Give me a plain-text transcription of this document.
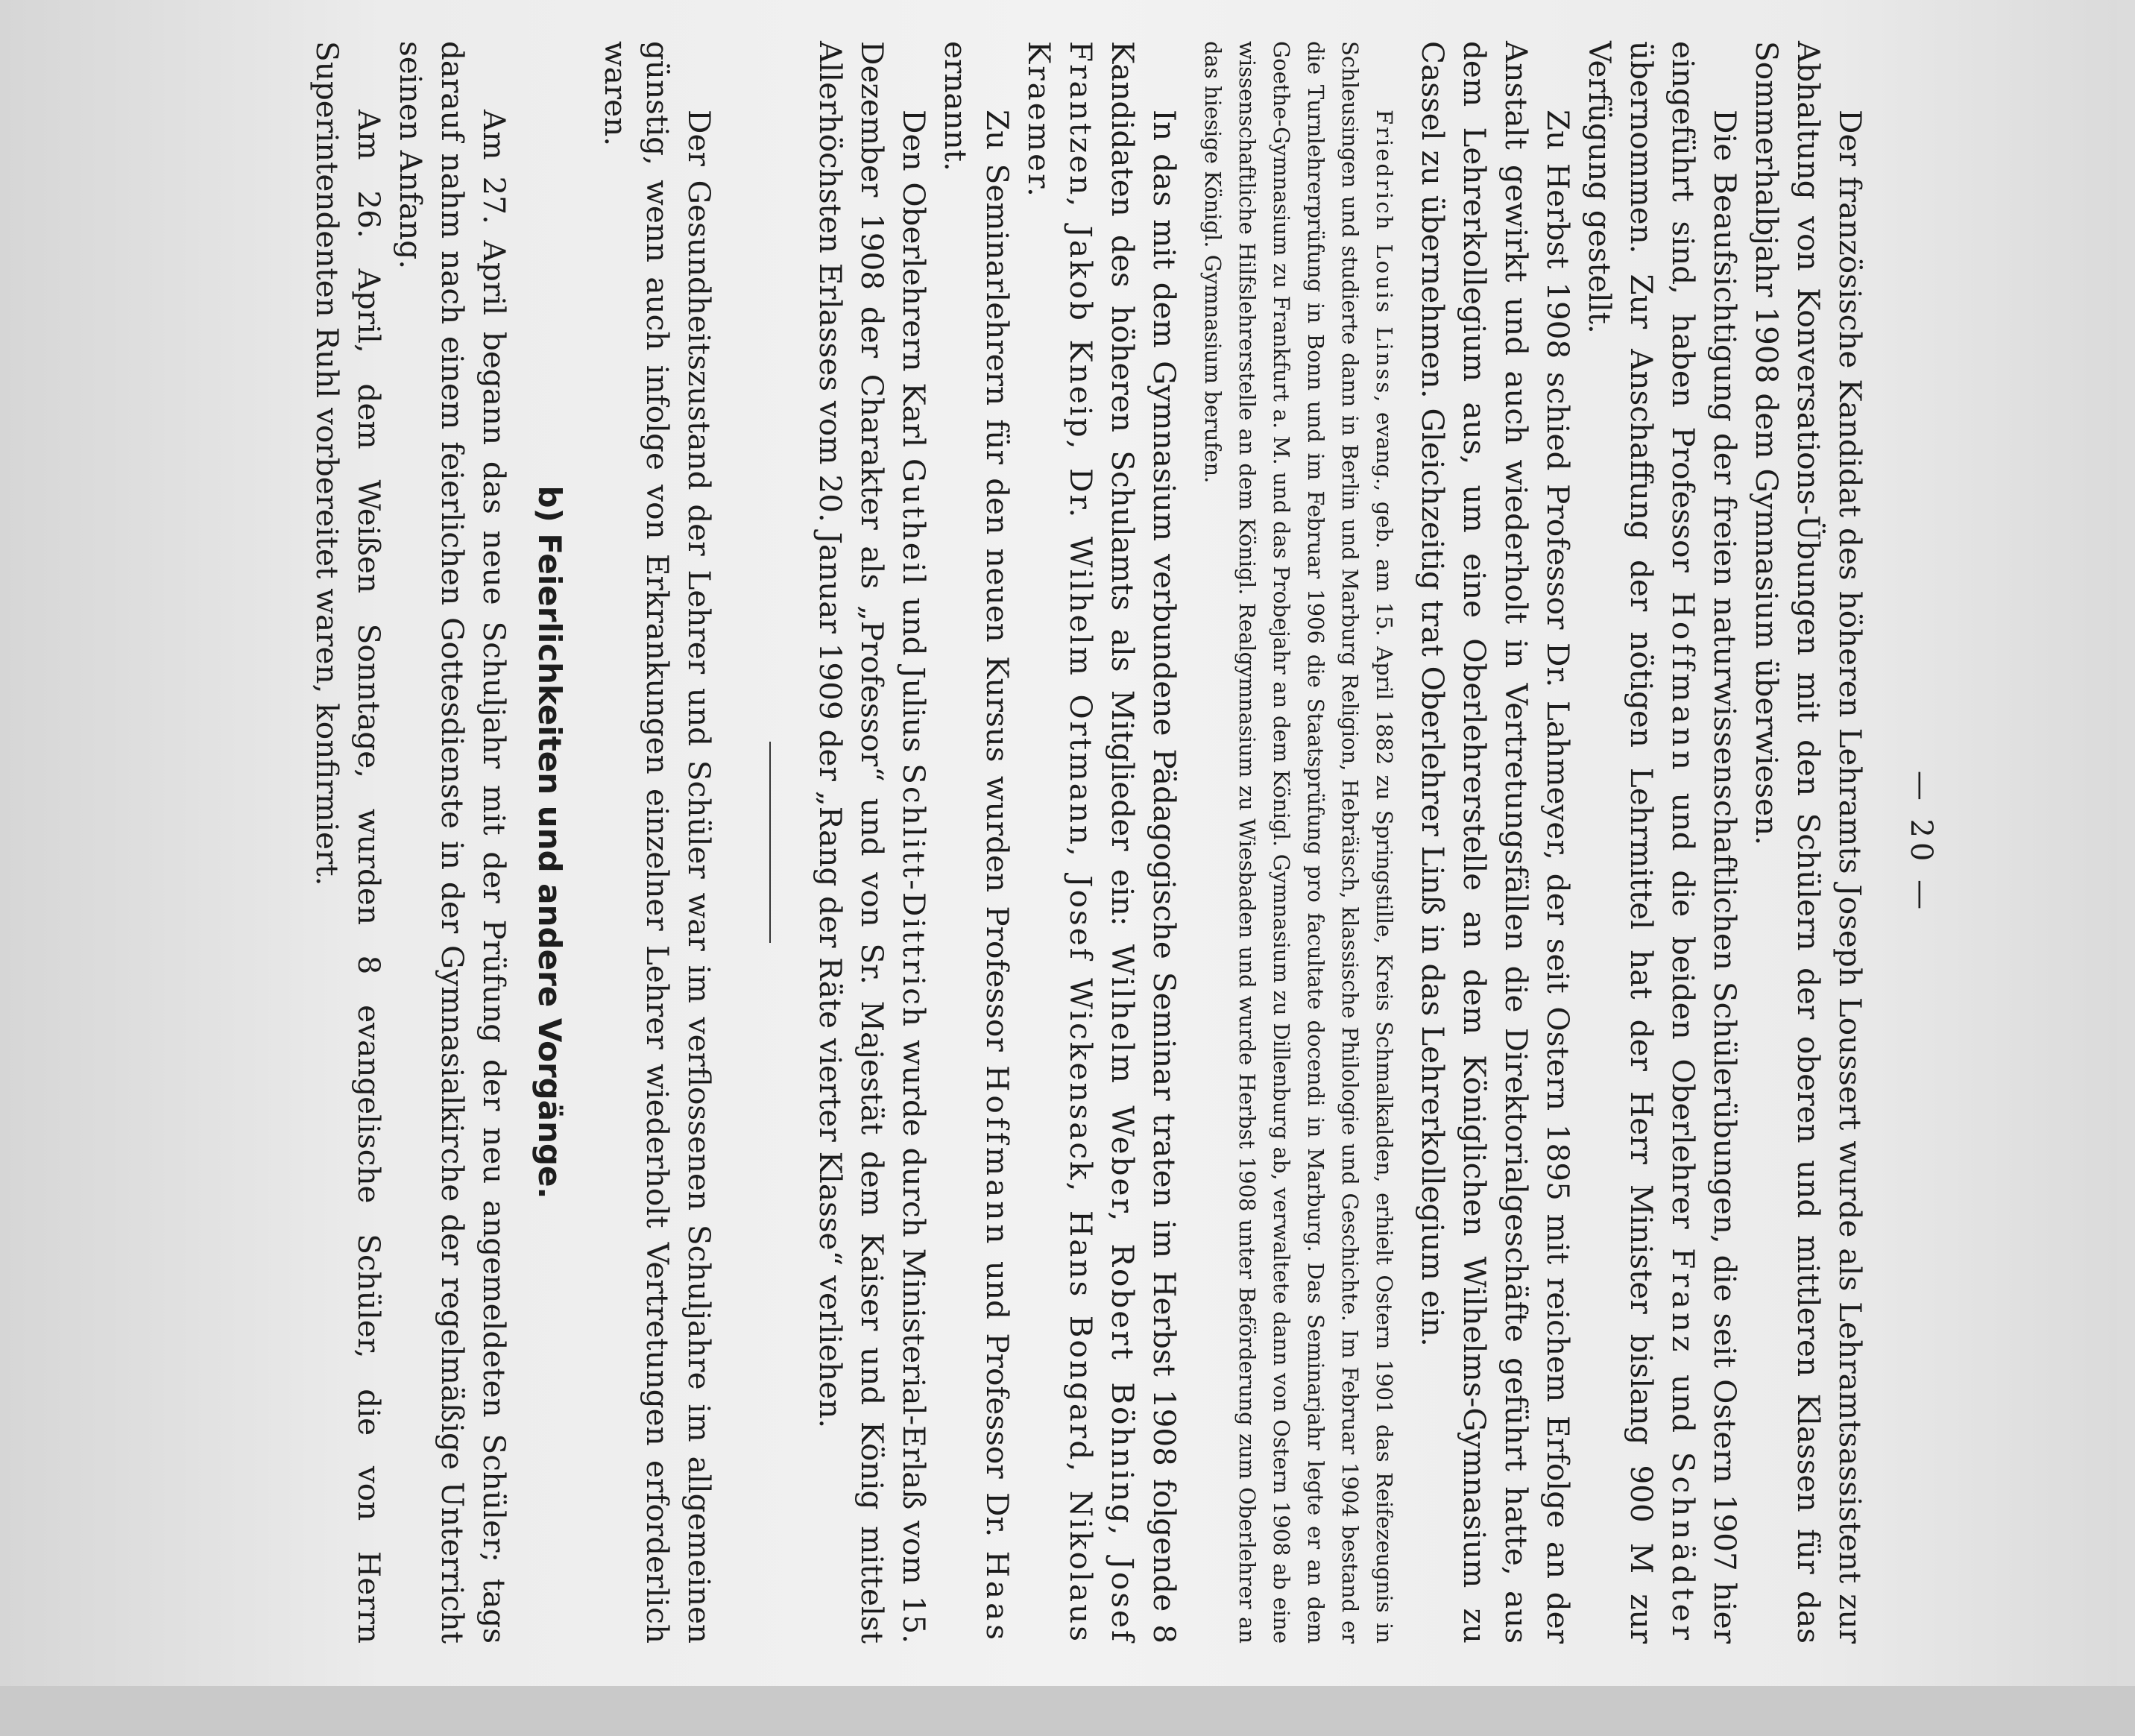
— 20 —

Der französische Kandidat des höheren Lehramts Joseph Loussert wurde als Lehramtsassistent zur Abhaltung von Konversations-Übungen mit den Schülern der oberen und mittleren Klassen für das Sommerhalbjahr 1908 dem Gymnasium überwiesen.

Die Beaufsichtigung der freien naturwissenschaftlichen Schülerübungen, die seit Ostern 1907 hier eingeführt sind, haben Professor Hoffmann und die beiden Oberlehrer Franz und Schnädter übernommen. Zur Anschaffung der nötigen Lehrmittel hat der Herr Minister bislang 900 M zur Verfügung gestellt.

Zu Herbst 1908 schied Professor Dr. Lahmeyer, der seit Ostern 1895 mit reichem Erfolge an der Anstalt gewirkt und auch wiederholt in Vertretungsfällen die Direktorialgeschäfte geführt hatte, aus dem Lehrerkollegium aus, um eine Oberlehrerstelle an dem Königlichen Wilhelms-Gymnasium zu Cassel zu übernehmen. Gleichzeitig trat Oberlehrer Linß in das Lehrerkollegium ein.

Friedrich Louis Linss, evang., geb. am 15. April 1882 zu Springstille, Kreis Schmalkalden, erhielt Ostern 1901 das Reifezeugnis in Schleusingen und studierte dann in Berlin und Marburg Religion, Hebräisch, klassische Philologie und Geschichte. Im Februar 1904 bestand er die Turnlehrerprüfung in Bonn und im Februar 1906 die Staatsprüfung pro facultate docendi in Marburg. Das Seminarjahr legte er an dem Goethe-Gymnasium zu Frankfurt a. M. und das Probejahr an dem Königl. Gymnasium zu Dillenburg ab, verwaltete dann von Ostern 1908 ab eine wissenschaftliche Hilfslehrerstelle an dem Königl. Realgymnasium zu Wiesbaden und wurde Herbst 1908 unter Beförderung zum Oberlehrer an das hiesige Königl. Gymnasium berufen.

In das mit dem Gymnasium verbundene Pädagogische Seminar traten im Herbst 1908 folgende 8 Kandidaten des höheren Schulamts als Mitglieder ein: Wilhelm Weber, Robert Böhning, Josef Frantzen, Jakob Kneip, Dr. Wilhelm Ortmann, Josef Wickensack, Hans Bongard, Nikolaus Kraemer.

Zu Seminarlehrern für den neuen Kursus wurden Professor Hoffmann und Professor Dr. Haas ernannt.

Den Oberlehrern Karl Gutheil und Julius Schlitt-Dittrich wurde durch Ministerial-Erlaß vom 15. Dezember 1908 der Charakter als „Professor“ und von Sr. Majestät dem Kaiser und König mittelst Allerhöchsten Erlasses vom 20. Januar 1909 der „Rang der Räte vierter Klasse“ verliehen.

Der Gesundheitszustand der Lehrer und Schüler war im verflossenen Schuljahre im allgemeinen günstig, wenn auch infolge von Erkrankungen einzelner Lehrer wiederholt Vertretungen erforderlich waren.

b) Feierlichkeiten und andere Vorgänge.

Am 27. April begann das neue Schuljahr mit der Prüfung der neu angemeldeten Schüler; tags darauf nahm nach einem feierlichen Gottesdienste in der Gymnasialkirche der regelmäßige Unterricht seinen Anfang.

Am 26. April, dem Weißen Sonntage, wurden 8 evangelische Schüler, die von Herrn Superintendenten Ruhl vorbereitet waren, konfirmiert.
